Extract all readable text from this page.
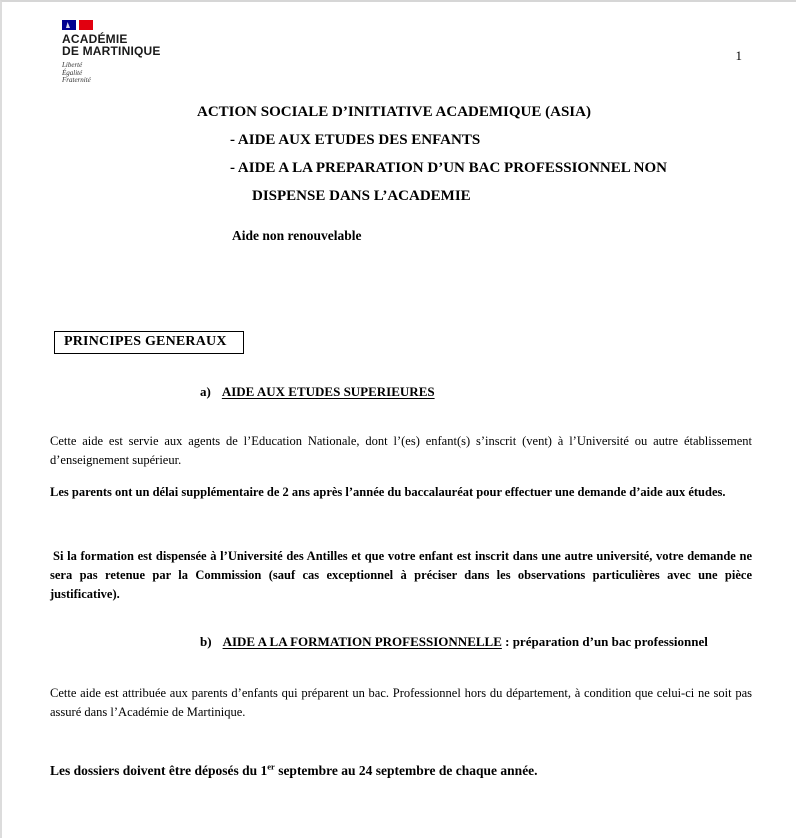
ACADÉMIE
DE MARTINIQUE
Liberté
Égalité
Fraternité
1
ACTION SOCIALE D’INITIATIVE ACADEMIQUE (ASIA)
- AIDE AUX ETUDES DES ENFANTS
- AIDE A LA PREPARATION D’UN BAC PROFESSIONNEL NON
DISPENSE DANS L’ACADEMIE
Aide non renouvelable
PRINCIPES GENERAUX
a) AIDE AUX ETUDES SUPERIEURES

Cette aide est servie aux agents de l’Education Nationale, dont l’(es) enfant(s) s’inscrit (vent) à l’Université ou autre établissement d’enseignement supérieur.

Les parents ont un délai supplémentaire de 2 ans après l’année du baccalauréat pour effectuer une demande d’aide aux études.

Si la formation est dispensée à l’Université des Antilles et que votre enfant est inscrit dans une autre université, votre demande ne sera pas retenue par la Commission (sauf cas exceptionnel à préciser dans les observations particulières avec une pièce justificative).

b) AIDE A LA FORMATION PROFESSIONNELLE : préparation d’un bac professionnel

Cette aide est attribuée aux parents d’enfants qui préparent un bac. Professionnel hors du département, à condition que celui-ci ne soit pas assuré dans l’Académie de Martinique.

Les dossiers doivent être déposés du 1er septembre au 24 septembre de chaque année.
